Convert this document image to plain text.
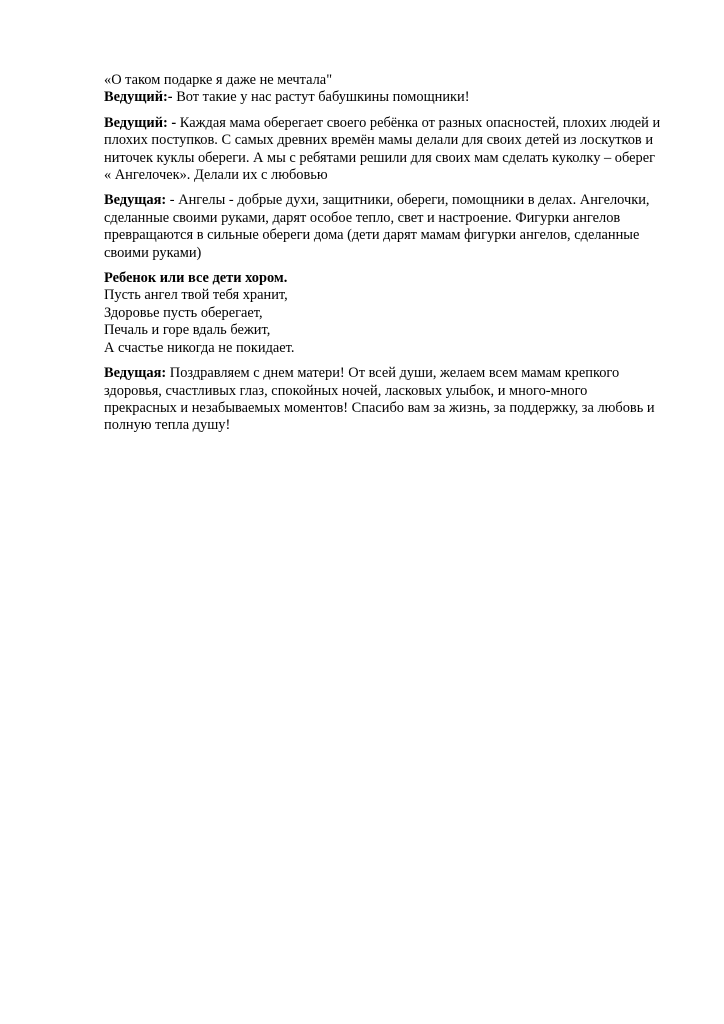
«О таком подарке я даже не мечтала"
Ведущий:- Вот такие у нас растут бабушкины помощники!
Ведущий: - Каждая мама оберегает своего ребёнка от разных опасностей, плохих людей и
плохих поступков. С самых древних времён мамы делали для своих детей из лоскутков и
ниточек куклы обереги. А мы с ребятами решили для своих мам сделать куколку – оберег
« Ангелочек». Делали их с любовью
Ведущая: - Ангелы - добрые духи, защитники, обереги, помощники в делах. Ангелочки,
сделанные своими руками, дарят особое тепло, свет и настроение. Фигурки ангелов
превращаются в сильные обереги дома (дети дарят мамам фигурки ангелов, сделанные
своими руками)
Ребенок или все дети хором.
Пусть ангел твой тебя хранит,
Здоровье пусть оберегает,
Печаль и горе вдаль бежит,
А счастье никогда не покидает.
Ведущая: Поздравляем с днем матери! От всей души, желаем всем мамам крепкого
здоровья, счастливых глаз, спокойных ночей, ласковых улыбок, и много-много
прекрасных и незабываемых моментов! Спасибо вам за жизнь, за поддержку, за любовь и
полную тепла душу!
